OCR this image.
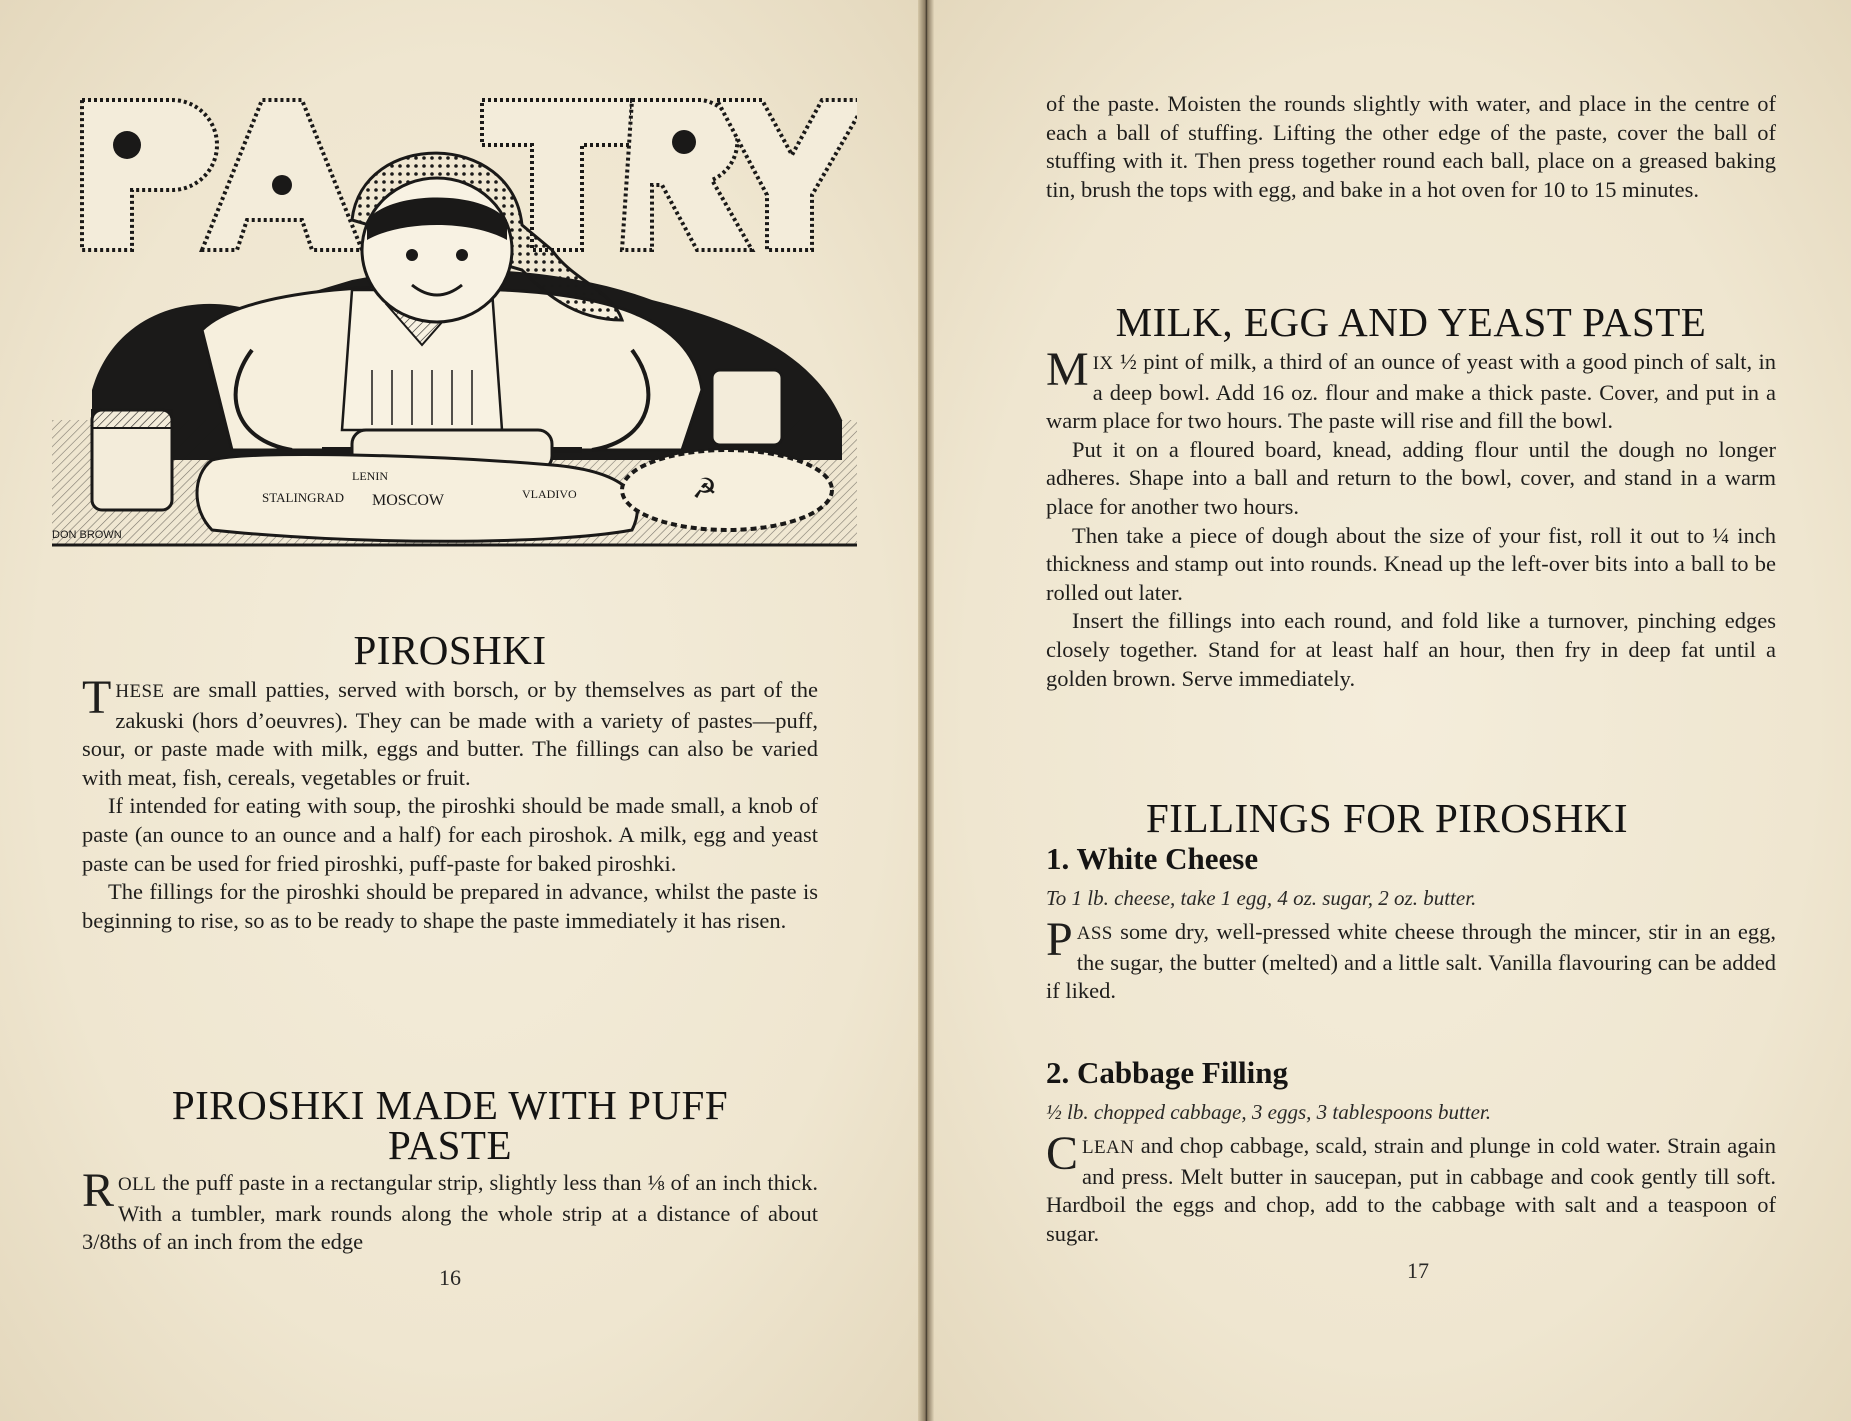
☭
STALINGRAD MOSCOW
LENIN
VLADIVO
DON BROWN
PIROSHKI

THESE are small patties, served with borsch, or by themselves as part of the zakuski (hors d’oeuvres). They can be made with a variety of pastes—puff, sour, or paste made with milk, eggs and butter. The fillings can also be varied with meat, fish, cereals, vegetables or fruit.

If intended for eating with soup, the piroshki should be made small, a knob of paste (an ounce to an ounce and a half) for each piroshok. A milk, egg and yeast paste can be used for fried piroshki, puff-paste for baked piroshki.

The fillings for the piroshki should be prepared in advance, whilst the paste is beginning to rise, so as to be ready to shape the paste immediately it has risen.

PIROSHKI MADE WITH PUFF
PASTE

ROLL the puff paste in a rectangular strip, slightly less than ⅛ of an inch thick. With a tumbler, mark rounds along the whole strip at a distance of about 3/8ths of an inch from the edge

16

of the paste. Moisten the rounds slightly with water, and place in the centre of each a ball of stuffing. Lifting the other edge of the paste, cover the ball of stuffing with it. Then press together round each ball, place on a greased baking tin, brush the tops with egg, and bake in a hot oven for 10 to 15 minutes.

MILK, EGG AND YEAST PASTE

MIX ½ pint of milk, a third of an ounce of yeast with a good pinch of salt, in a deep bowl. Add 16 oz. flour and make a thick paste. Cover, and put in a warm place for two hours. The paste will rise and fill the bowl.

Put it on a floured board, knead, adding flour until the dough no longer adheres. Shape into a ball and return to the bowl, cover, and stand in a warm place for another two hours.

Then take a piece of dough about the size of your fist, roll it out to ¼ inch thickness and stamp out into rounds. Knead up the left-over bits into a ball to be rolled out later.

Insert the fillings into each round, and fold like a turnover, pinching edges closely together. Stand for at least half an hour, then fry in deep fat until a golden brown. Serve immediately.

FILLINGS FOR PIROSHKI
1. White Cheese

To 1 lb. cheese, take 1 egg, 4 oz. sugar, 2 oz. butter.

PASS some dry, well-pressed white cheese through the mincer, stir in an egg, the sugar, the butter (melted) and a little salt. Vanilla flavouring can be added if liked.

2. Cabbage Filling

½ lb. chopped cabbage, 3 eggs, 3 tablespoons butter.

CLEAN and chop cabbage, scald, strain and plunge in cold water. Strain again and press. Melt butter in saucepan, put in cabbage and cook gently till soft. Hardboil the eggs and chop, add to the cabbage with salt and a teaspoon of sugar.

17
